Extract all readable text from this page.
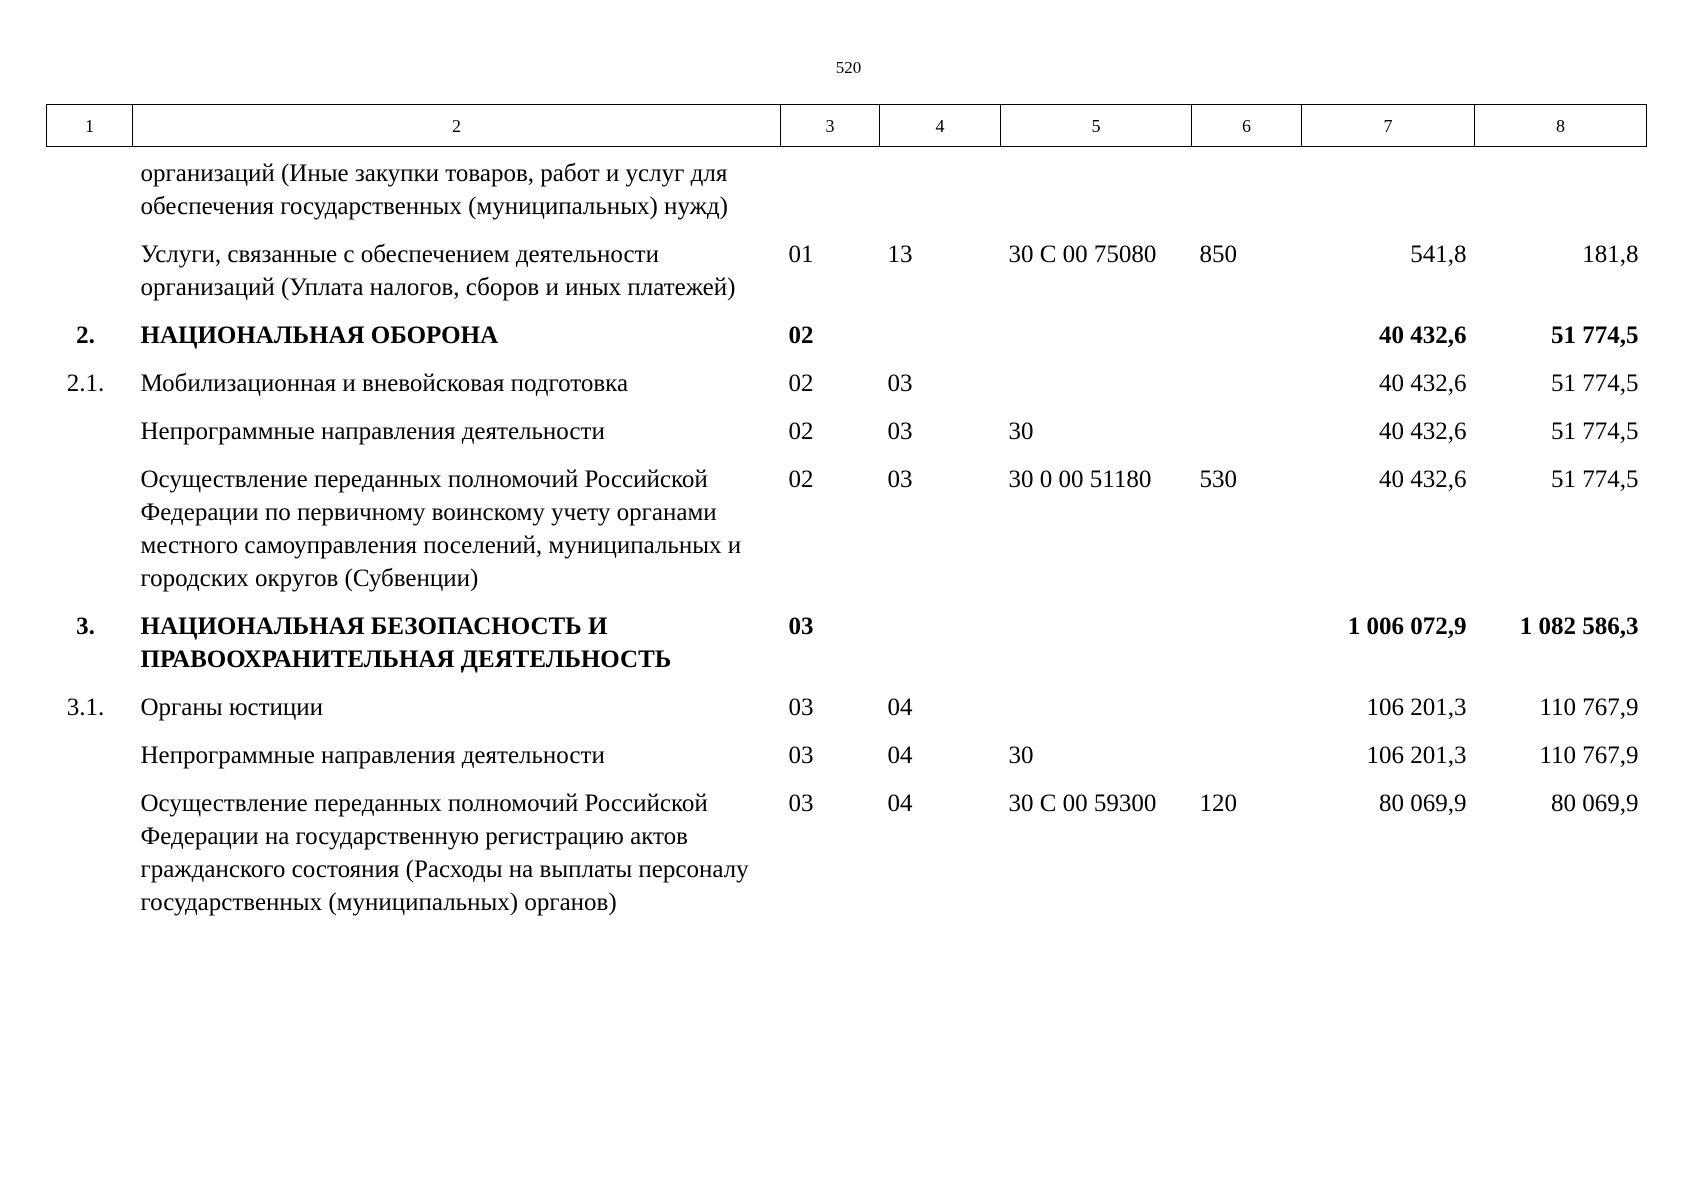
520
1	2	3	4	5	6	7	8
	организаций (Иные закупки товаров, работ и услуг для обеспечения государственных (муниципальных) нужд)						
	Услуги, связанные с обеспечением деятельности организаций (Уплата налогов, сборов и иных платежей)	01	13	30 С 00 75080	850	541,8	181,8
2.	НАЦИОНАЛЬНАЯ ОБОРОНА	02				40 432,6	51 774,5
2.1.	Мобилизационная и вневойсковая подготовка	02	03			40 432,6	51 774,5
	Непрограммные направления деятельности	02	03	30		40 432,6	51 774,5
	Осуществление переданных полномочий Российской Федерации по первичному воинскому учету органами местного самоуправления поселений, муниципальных и городских округов (Субвенции)	02	03	30 0 00 51180	530	40 432,6	51 774,5
3.	НАЦИОНАЛЬНАЯ БЕЗОПАСНОСТЬ И ПРАВООХРАНИТЕЛЬНАЯ ДЕЯТЕЛЬНОСТЬ	03				1 006 072,9	1 082 586,3
3.1.	Органы юстиции	03	04			106 201,3	110 767,9
	Непрограммные направления деятельности	03	04	30		106 201,3	110 767,9
	Осуществление переданных полномочий Российской Федерации на государственную регистрацию актов гражданского состояния (Расходы на выплаты персоналу государственных (муниципальных) органов)	03	04	30 С 00 59300	120	80 069,9	80 069,9
